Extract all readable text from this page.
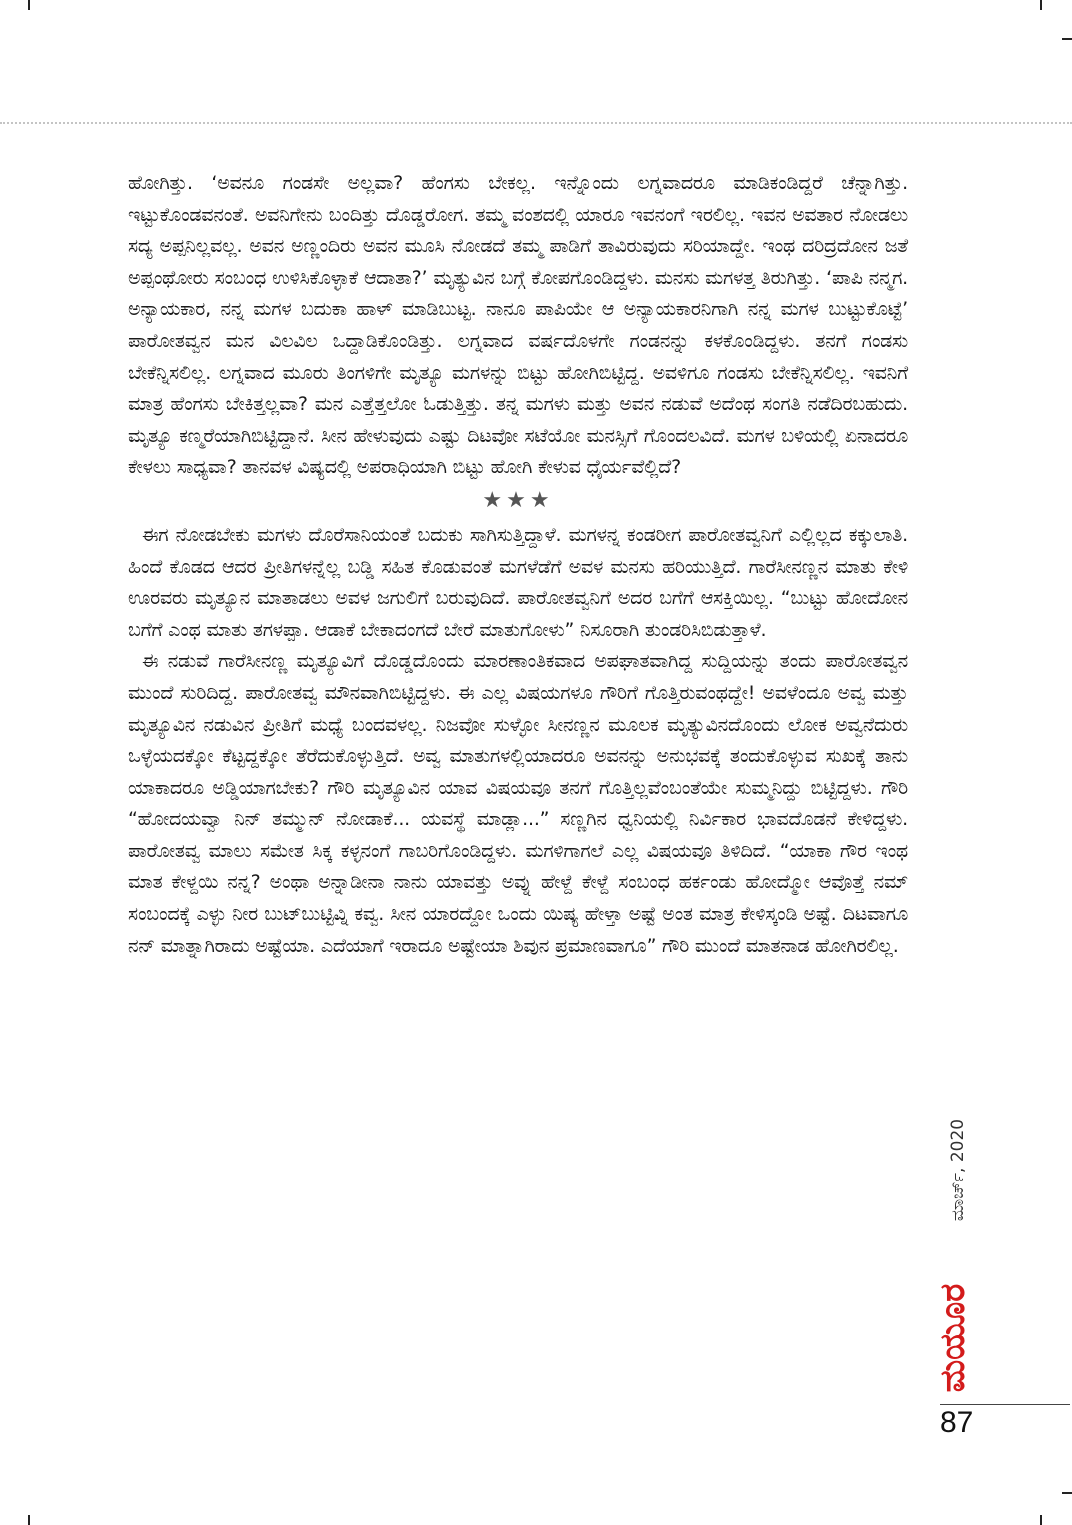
ಹೋಗಿತ್ತು. ‘ಅವನೂ ಗಂಡಸೇ ಅಲ್ಲವಾ? ಹೆಂಗಸು ಬೇಕಲ್ಲ. ಇನ್ನೊಂದು ಲಗ್ನವಾದರೂ ಮಾಡಿಕಂಡಿದ್ದರೆ ಚೆನ್ನಾಗಿತ್ತು. ಇಟ್ಟುಕೊಂಡವನಂತೆ. ಅವನಿಗೇನು ಬಂದಿತ್ತು ದೊಡ್ಡರೋಗ. ತಮ್ಮ ವಂಶದಲ್ಲಿ ಯಾರೂ ಇವನಂಗೆ ಇರಲಿಲ್ಲ. ಇವನ ಅವತಾರ ನೋಡಲು ಸದ್ಯ ಅಪ್ಪನಿಲ್ಲವಲ್ಲ. ಅವನ ಅಣ್ಣಂದಿರು ಅವನ ಮೂಸಿ ನೋಡದೆ ತಮ್ಮ ಪಾಡಿಗೆ ತಾವಿರುವುದು ಸರಿಯಾದ್ದೇ. ಇಂಥ ದರಿದ್ರದೋನ ಜತೆ ಅಪ್ಪಂಥೋರು ಸಂಬಂಧ ಉಳಿಸಿಕೊಳ್ಳಾಕೆ ಆದಾತಾ?’ ಮೃತ್ಯುವಿನ ಬಗ್ಗೆ ಕೋಪಗೊಂಡಿದ್ದಳು. ಮನಸು ಮಗಳತ್ತ ತಿರುಗಿತ್ತು. ‘ಪಾಪಿ ನನ್ಮಗ. ಅನ್ಯಾಯಕಾರ, ನನ್ನ ಮಗಳ ಬದುಕಾ ಹಾಳ್ ಮಾಡಿಬುಟ್ಟ. ನಾನೂ ಪಾಪಿಯೇ ಆ ಅನ್ಯಾಯಕಾರನಿಗಾಗಿ ನನ್ನ ಮಗಳ ಬುಟ್ಟುಕೊಟ್ಟೆ’ ಪಾರೋತವ್ವನ ಮನ ವಿಲವಿಲ ಒದ್ದಾಡಿಕೊಂಡಿತ್ತು. ಲಗ್ನವಾದ ವರ್ಷದೊಳಗೇ ಗಂಡನನ್ನು ಕಳಕೊಂಡಿದ್ದಳು. ತನಗೆ ಗಂಡಸು ಬೇಕೆನ್ನಿಸಲಿಲ್ಲ. ಲಗ್ನವಾದ ಮೂರು ತಿಂಗಳಿಗೇ ಮೃತ್ಯೂ ಮಗಳನ್ನು ಬಿಟ್ಟು ಹೋಗಿಬಿಟ್ಟಿದ್ದ. ಅವಳಿಗೂ ಗಂಡಸು ಬೇಕೆನ್ನಿಸಲಿಲ್ಲ. ಇವನಿಗೆ ಮಾತ್ರ ಹೆಂಗಸು ಬೇಕಿತ್ತಲ್ಲವಾ? ಮನ ಎತ್ತೆತ್ತಲೋ ಓಡುತ್ತಿತ್ತು. ತನ್ನ ಮಗಳು ಮತ್ತು ಅವನ ನಡುವೆ ಅದೆಂಥ ಸಂಗತಿ ನಡೆದಿರಬಹುದು. ಮೃತ್ಯೂ ಕಣ್ಮರೆಯಾಗಿಬಿಟ್ಟಿದ್ದಾನೆ. ಸೀನ ಹೇಳುವುದು ಎಷ್ಟು ದಿಟವೋ ಸಟೆಯೋ ಮನಸ್ಸಿಗೆ ಗೊಂದಲವಿದೆ. ಮಗಳ ಬಳಿಯಲ್ಲಿ ಏನಾದರೂ ಕೇಳಲು ಸಾಧ್ಯವಾ? ತಾನವಳ ವಿಷ್ಯದಲ್ಲಿ ಅಪರಾಧಿಯಾಗಿ ಬಿಟ್ಟು ಹೋಗಿ ಕೇಳುವ ಧೈರ್ಯವೆಲ್ಲಿದೆ?

★★★

ಈಗ ನೋಡಬೇಕು ಮಗಳು ದೊರೆಸಾನಿಯಂತೆ ಬದುಕು ಸಾಗಿಸುತ್ತಿದ್ದಾಳೆ. ಮಗಳನ್ನ ಕಂಡರೀಗ ಪಾರೋತವ್ವನಿಗೆ ಎಲ್ಲಿಲ್ಲದ ಕಕ್ಕುಲಾತಿ. ಹಿಂದೆ ಕೊಡದ ಆದರ ಪ್ರೀತಿಗಳನ್ನೆಲ್ಲ ಬಡ್ಡಿ ಸಹಿತ ಕೊಡುವಂತೆ ಮಗಳೆಡೆಗೆ ಅವಳ ಮನಸು ಹರಿಯುತ್ತಿದೆ. ಗಾರೆಸೀನಣ್ಣನ ಮಾತು ಕೇಳಿ ಊರವರು ಮೃತ್ಯೂನ ಮಾತಾಡಲು ಅವಳ ಜಗುಲಿಗೆ ಬರುವುದಿದೆ. ಪಾರೋತವ್ವನಿಗೆ ಅದರ ಬಗೆಗೆ ಆಸಕ್ತಿಯಿಲ್ಲ. “ಬುಟ್ಟು ಹೋದೋನ ಬಗೆಗೆ ಎಂಥ ಮಾತು ತಗಳಪ್ಪಾ. ಆಡಾಕೆ ಬೇಕಾದಂಗದೆ ಬೇರೆ ಮಾತುಗೋಳು” ನಿಸೂರಾಗಿ ತುಂಡರಿಸಿಬಿಡುತ್ತಾಳೆ.

ಈ ನಡುವೆ ಗಾರೆಸೀನಣ್ಣ ಮೃತ್ಯೂವಿಗೆ ದೊಡ್ಡದೊಂದು ಮಾರಣಾಂತಿಕವಾದ ಅಪಘಾತವಾಗಿದ್ದ ಸುದ್ದಿಯನ್ನು ತಂದು ಪಾರೋತವ್ವನ ಮುಂದೆ ಸುರಿದಿದ್ದ. ಪಾರೋತವ್ವ ಮೌನವಾಗಿಬಿಟ್ಟಿದ್ದಳು. ಈ ಎಲ್ಲ ವಿಷಯಗಳೂ ಗೌರಿಗೆ ಗೊತ್ತಿರುವಂಥದ್ದೇ! ಅವಳೆಂದೂ ಅವ್ವ ಮತ್ತು ಮೃತ್ಯೂವಿನ ನಡುವಿನ ಪ್ರೀತಿಗೆ ಮಧ್ಯೆ ಬಂದವಳಲ್ಲ. ನಿಜವೋ ಸುಳ್ಳೋ ಸೀನಣ್ಣನ ಮೂಲಕ ಮೃತ್ಯುವಿನದೊಂದು ಲೋಕ ಅವ್ವನೆದುರು ಒಳ್ಳೆಯದಕ್ಕೋ ಕೆಟ್ಟದ್ದಕ್ಕೋ ತೆರೆದುಕೊಳ್ಳುತ್ತಿದೆ. ಅವ್ವ ಮಾತುಗಳಲ್ಲಿಯಾದರೂ ಅವನನ್ನು ಅನುಭವಕ್ಕೆ ತಂದುಕೊಳ್ಳುವ ಸುಖಕ್ಕೆ ತಾನು ಯಾಕಾದರೂ ಅಡ್ಡಿಯಾಗಬೇಕು? ಗೌರಿ ಮೃತ್ಯೂವಿನ ಯಾವ ವಿಷಯವೂ ತನಗೆ ಗೊತ್ತಿಲ್ಲವೆಂಬಂತೆಯೇ ಸುಮ್ಮನಿದ್ದು ಬಿಟ್ಟಿದ್ದಳು. ಗೌರಿ “ಹೋದಯವ್ವಾ ನಿನ್ ತಮ್ಮುನ್ ನೋಡಾಕೆ... ಯವಸ್ಥೆ ಮಾಡ್ಲಾ...” ಸಣ್ಣಗಿನ ಧ್ವನಿಯಲ್ಲಿ ನಿರ್ವಿಕಾರ ಭಾವದೊಡನೆ ಕೇಳಿದ್ದಳು. ಪಾರೋತವ್ವ ಮಾಲು ಸಮೇತ ಸಿಕ್ಕ ಕಳ್ಳನಂಗೆ ಗಾಬರಿಗೊಂಡಿದ್ದಳು. ಮಗಳಿಗಾಗಲೆ ಎಲ್ಲ ವಿಷಯವೂ ತಿಳಿದಿದೆ. “ಯಾಕಾ ಗೌರ ಇಂಥ ಮಾತ ಕೇಳ್ದಯಿ ನನ್ನ? ಅಂಥಾ ಅನ್ನಾಡೀನಾ ನಾನು ಯಾವತ್ತು ಅವ್ನು ಹೇಳ್ದೆ ಕೇಳ್ದೆ ಸಂಬಂಧ ಹರ್ಕಂಡು ಹೋದ್ಮೋ ಆವೊತ್ತೆ ನಮ್ ಸಂಬಂದಕ್ಕೆ ಎಳ್ಳು ನೀರ ಬುಟ್‌ಬುಟ್ಟಿವ್ನಿ ಕವ್ವ. ಸೀನ ಯಾರದ್ದೋ ಒಂದು ಯಿಷ್ಯ ಹೇಳ್ತಾ ಅಷ್ಟೆ ಅಂತ ಮಾತ್ರ ಕೇಳಿಸ್ಕಂಡಿ ಅಷ್ಟೆ. ದಿಟವಾಗೂ ನನ್ ಮಾತ್ನಾಗಿರಾದು ಅಷ್ಟೆಯಾ. ಎದೆಯಾಗೆ ಇರಾದೂ ಅಷ್ಟೇಯಾ ಶಿವುನ ಪ್ರಮಾಣವಾಗೂ” ಗೌರಿ ಮುಂದೆ ಮಾತನಾಡ ಹೋಗಿರಲಿಲ್ಲ.

ಮಾರ್ಚ್, 2020
ಮಯೂರ
87
